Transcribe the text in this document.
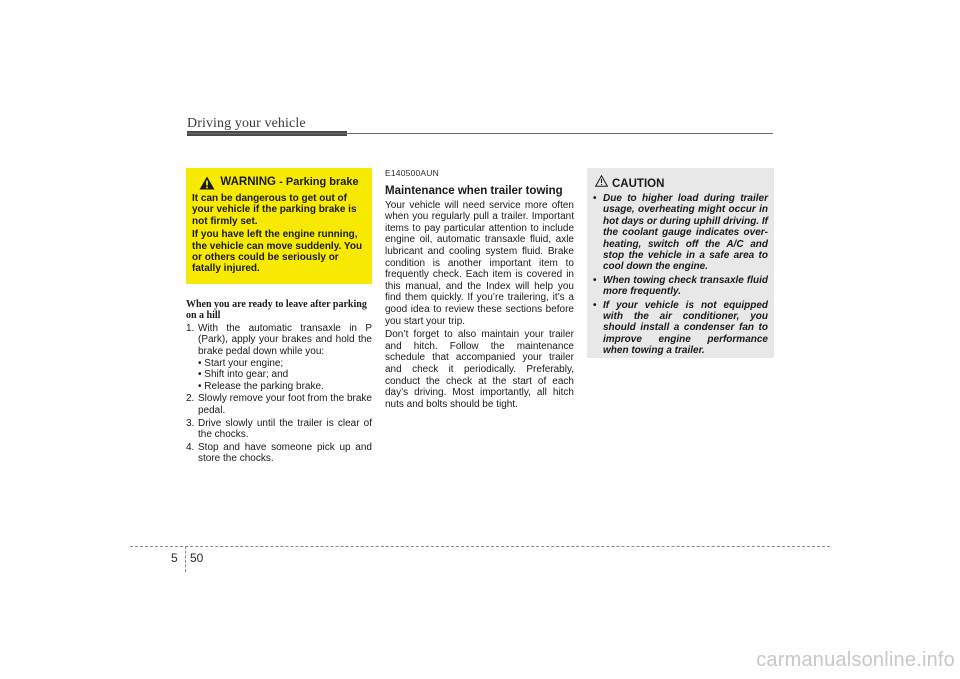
Driving your vehicle
WARNING
- Parking brake

It can be dangerous to get out of your vehicle if the parking brake is not firmly set.

If you have left the engine running, the vehicle can move suddenly. You or others could be seriously or fatally injured.

When you are ready to leave after parking on a hill
1. With the automatic transaxle in P (Park), apply your brakes and hold the brake pedal down while you:
• Start your engine;
• Shift into gear; and
• Release the parking brake.
2. Slowly remove your foot from the brake pedal.
3. Drive slowly until the trailer is clear of the chocks.
4. Stop and have someone pick up and store the chocks.
E140500AUN
Maintenance when trailer towing

Your vehicle will need service more often when you regularly pull a trailer. Important items to pay particular attention to include engine oil, automatic transaxle fluid, axle lubricant and cooling system fluid. Brake condition is another important item to frequently check. Each item is covered in this manual, and the Index will help you find them quickly. If you’re trailering, it’s a good idea to review these sections before you start your trip.

Don’t forget to also maintain your trailer and hitch. Follow the maintenance schedule that accompanied your trailer and check it periodically. Preferably, conduct the check at the start of each day’s driving. Most importantly, all hitch nuts and bolts should be tight.

CAUTION
• Due to higher load during trailer usage, overheating might occur in hot days or during uphill driving. If the coolant gauge indicates over-heating, switch off the A/C and stop the vehicle in a safe area to cool down the engine.
• When towing check transaxle fluid more frequently.
• If your vehicle is not equipped with the air conditioner, you should install a condenser fan to improve engine performance when towing a trailer.
5 50
carmanualsonline.info
